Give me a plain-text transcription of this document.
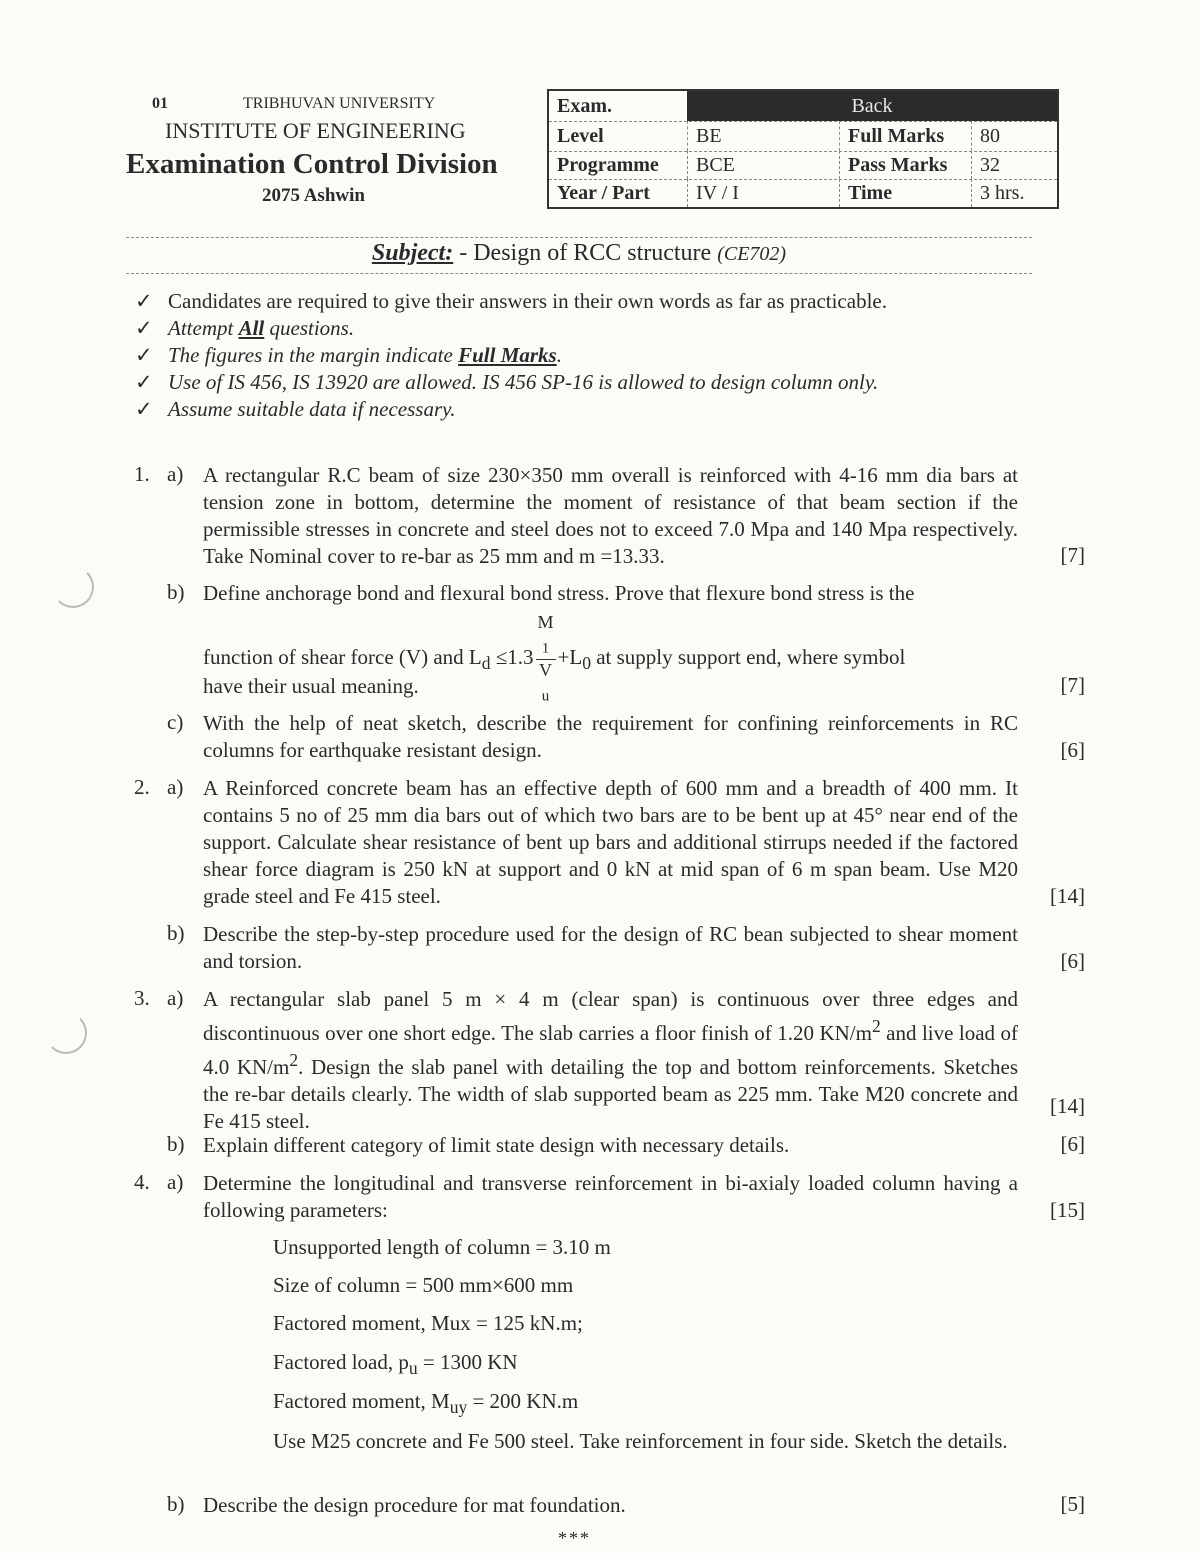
01	TRIBHUVAN UNIVERSITY
INSTITUTE OF ENGINEERING
Examination Control Division
2075 Ashwin
Exam.	Back
Level	BE	Full Marks	80
Programme	BCE	Pass Marks	32
Year / Part	IV / I	Time	3 hrs.
Subject: - Design of RCC structure (CE702)
✓ Candidates are required to give their answers in their own words as far as practicable.
✓ Attempt All questions.
✓ The figures in the margin indicate Full Marks.
✓ Use of IS 456, IS 13920 are allowed. IS 456 SP-16 is allowed to design column only.
✓ Assume suitable data if necessary.
1. a) A rectangular R.C beam of size 230×350 mm overall is reinforced with 4-16 mm dia bars at tension zone in bottom, determine the moment of resistance of that beam section if the permissible stresses in concrete and steel does not to exceed 7.0 Mpa and 140 Mpa respectively. Take Nominal cover to re-bar as 25 mm and m =13.33.	[7]
b) Define anchorage bond and flexural bond stress. Prove that flexure bond stress is the
function of shear force (V) and $L_d \le 1.3$ M
$_1$
V
$_u +L_0$ at supply support end, where symbol
have their usual meaning.	[7]
c) With the help of neat sketch, describe the requirement for confining reinforcements in RC columns for earthquake resistant design.	[6]
2. a) A Reinforced concrete beam has an effective depth of 600 mm and a breadth of 400 mm. It contains 5 no of 25 mm dia bars out of which two bars are to be bent up at 45° near end of the support. Calculate shear resistance of bent up bars and additional stirrups needed if the factored shear force diagram is 250 kN at support and 0 kN at mid span of 6 m span beam. Use M20 grade steel and Fe 415 steel.	[14]
b) Describe the step-by-step procedure used for the design of RC bean subjected to shear moment and torsion.	[6]
3. a) A rectangular slab panel 5 m × 4 m (clear span) is continuous over three edges and discontinuous over one short edge. The slab carries a floor finish of 1.20 $KN/m^2$ and live load of 4.0 $KN/m^2$. Design the slab panel with detailing the top and bottom reinforcements. Sketches the re-bar details clearly. The width of slab supported beam as 225 mm. Take M20 concrete and Fe 415 steel.
[14]
b) Explain different category of limit state design with necessary details.	[6]
4. a) Determine the longitudinal and transverse reinforcement in bi-axialy loaded column having a following parameters:	[15]
Unsupported length of column = 3.10 m
Size of column = 500 mm×600 mm
Factored moment, Mux = 125 kN.m;
Factored load, $p_u = 1300$ KN
Factored moment, $M_{uy} = 200$ KN.m
Use M25 concrete and Fe 500 steel. Take reinforcement in four side. Sketch the details.
b) Describe the design procedure for mat foundation.	[5]
***
